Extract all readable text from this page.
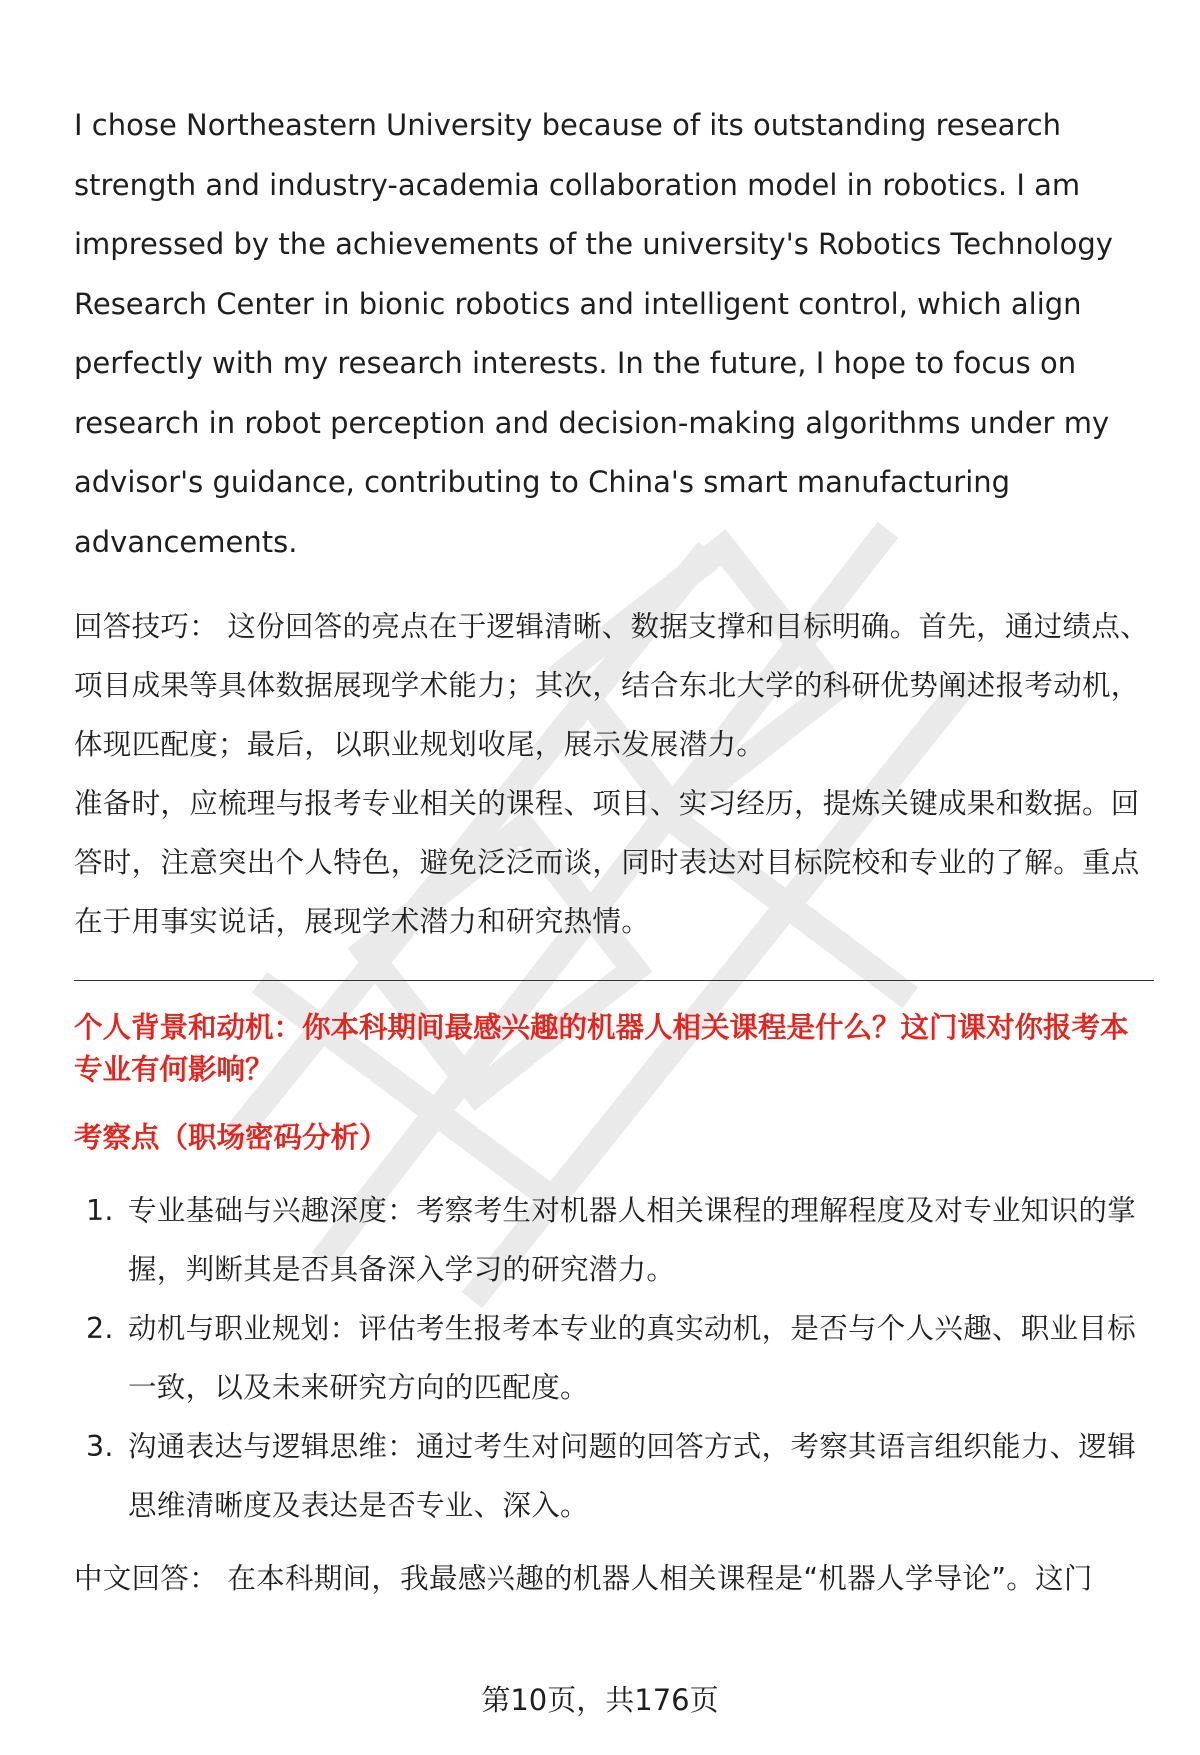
I chose Northeastern University because of its outstanding research strength and industry-academia collaboration model in robotics. I am impressed by the achievements of the university's Robotics Technology Research Center in bionic robotics and intelligent control, which align perfectly with my research interests. In the future, I hope to focus on research in robot perception and decision-making algorithms under my advisor's guidance, contributing to China's smart manufacturing advancements.

回答技巧： 这份回答的亮点在于逻辑清晰、数据支撑和目标明确。首先，通过绩点、项目成果等具体数据展现学术能力；其次，结合东北大学的科研优势阐述报考动机，体现匹配度；最后，以职业规划收尾，展示发展潜力。

准备时，应梳理与报考专业相关的课程、项目、实习经历，提炼关键成果和数据。回答时，注意突出个人特色，避免泛泛而谈，同时表达对目标院校和专业的了解。重点在于用事实说话，展现学术潜力和研究热情。

个人背景和动机：你本科期间最感兴趣的机器人相关课程是什么？这门课对你报考本专业有何影响？

考察点（职场密码分析）

1. 专业基础与兴趣深度：考察考生对机器人相关课程的理解程度及对专业知识的掌握，判断其是否具备深入学习的研究潜力。
2. 动机与职业规划：评估考生报考本专业的真实动机，是否与个人兴趣、职业目标一致，以及未来研究方向的匹配度。
3. 沟通表达与逻辑思维：通过考生对问题的回答方式，考察其语言组织能力、逻辑思维清晰度及表达是否专业、深入。

中文回答： 在本科期间，我最感兴趣的机器人相关课程是“机器人学导论”。这门

第10页，共176页
